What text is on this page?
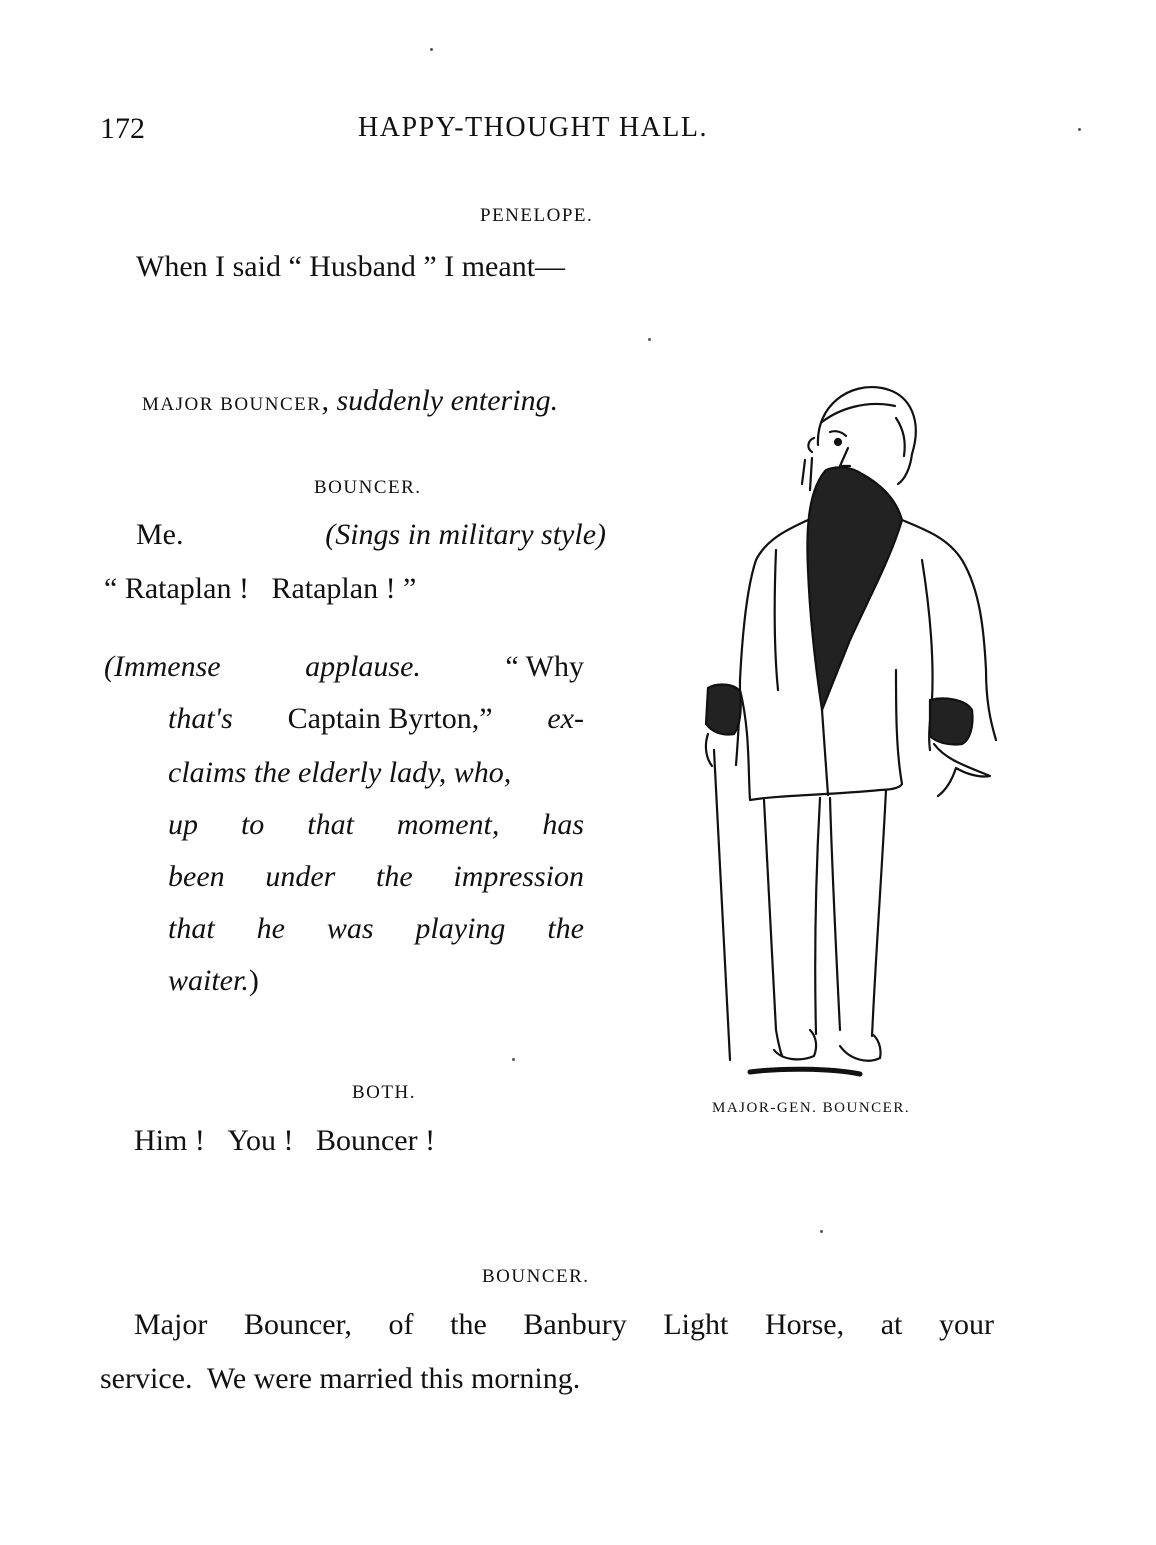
172	HAPPY-THOUGHT HALL.
PENELOPE.
When I said “ Husband ” I meant—
MAJOR BOUNCER, suddenly entering.
BOUNCER.
Me.	(Sings in military style)
“ Rataplan ! Rataplan ! ”
(Immense	applause.	“ Why
that's Captain Byrton,” ex-
claims the elderly lady, who,
up to that moment, has
been under the impression
that he was playing the
waiter.)
BOTH.
Him ! You ! Bouncer !
BOUNCER.
Major Bouncer, of the Banbury Light Horse, at your
service.  We were married this morning.
MAJOR-GEN. BOUNCER.
